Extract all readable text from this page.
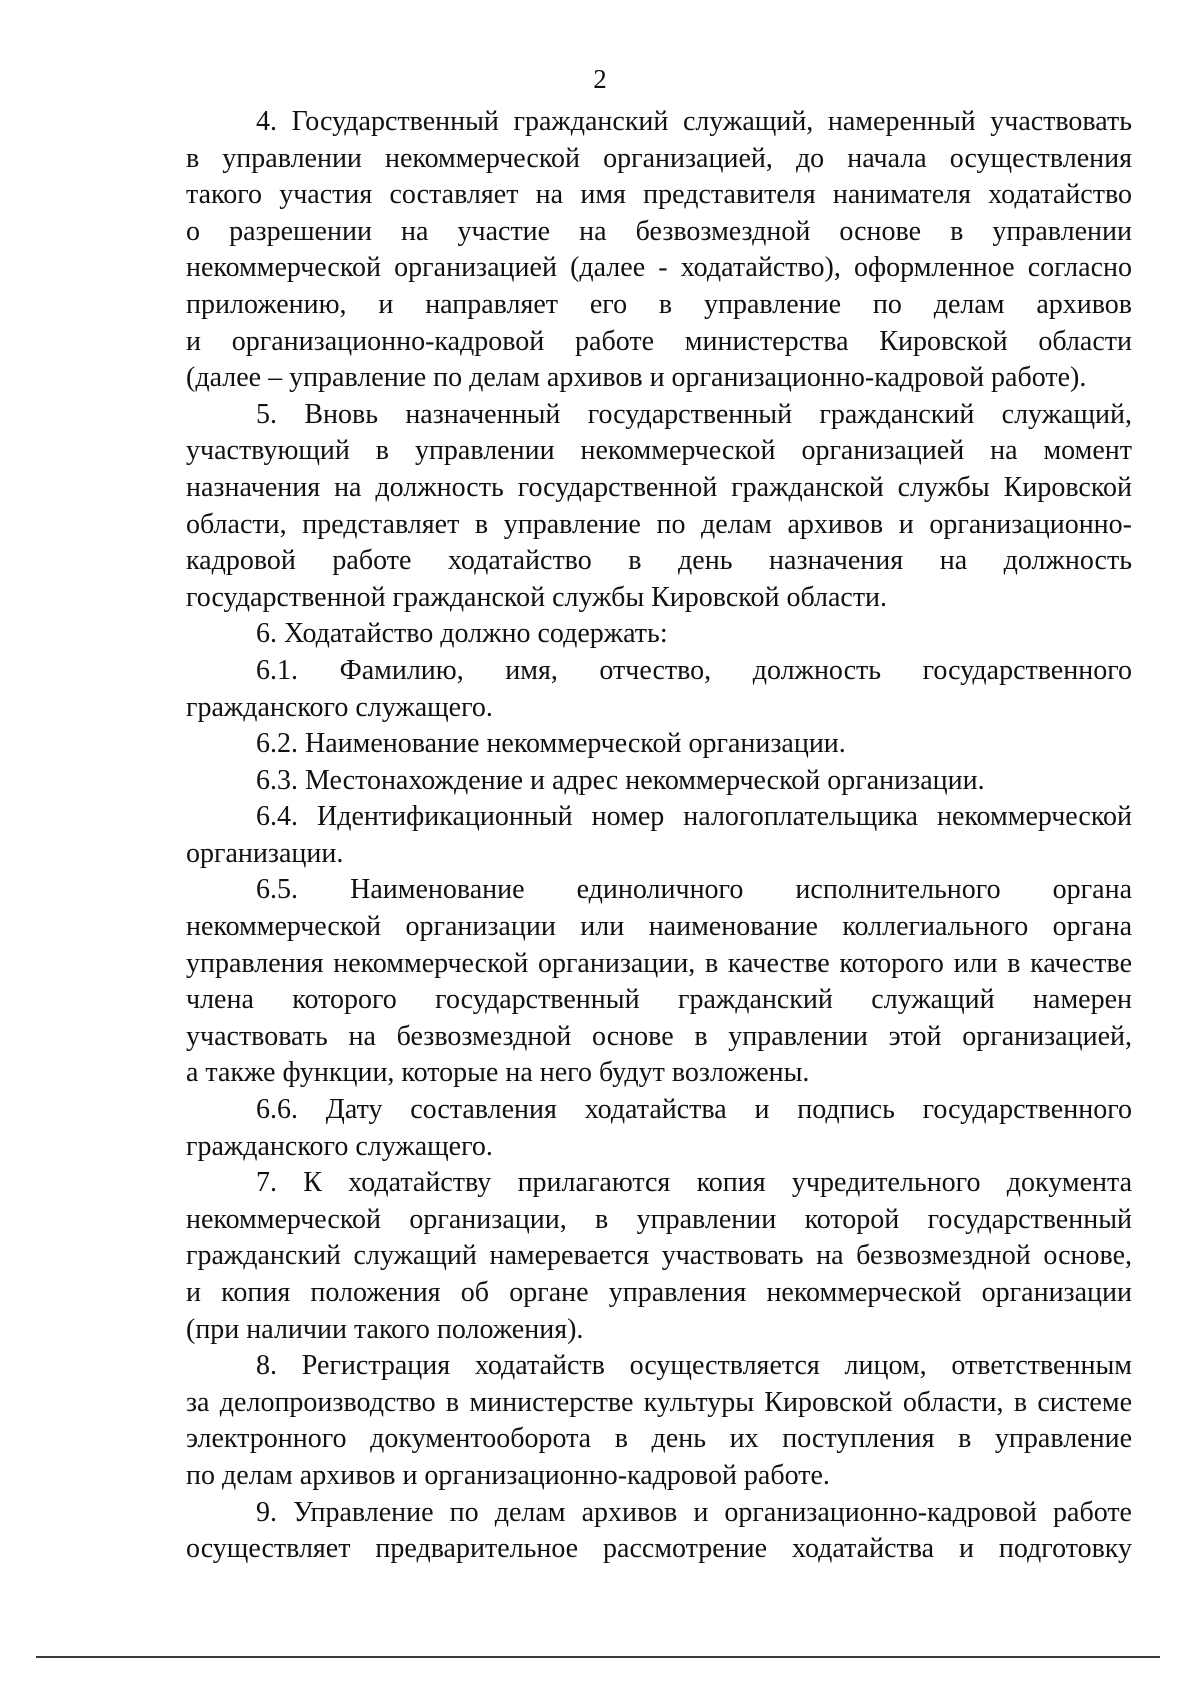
2
4. Государственный гражданский служащий, намеренный участвовать
в управлении некоммерческой организацией, до начала осуществления
такого участия составляет на имя представителя нанимателя ходатайство
о разрешении на участие на безвозмездной основе в управлении
некоммерческой организацией (далее - ходатайство), оформленное согласно
приложению, и направляет его в управление по делам архивов
и организационно-кадровой работе министерства Кировской области
(далее – управление по делам архивов и организационно-кадровой работе).
5. Вновь назначенный государственный гражданский служащий,
участвующий в управлении некоммерческой организацией на момент
назначения на должность государственной гражданской службы Кировской
области, представляет в управление по делам архивов и организационно-
кадровой работе ходатайство в день назначения на должность
государственной гражданской службы Кировской области.
6. Ходатайство должно содержать:
6.1. Фамилию, имя, отчество, должность государственного
гражданского служащего.
6.2. Наименование некоммерческой организации.
6.3. Местонахождение и адрес некоммерческой организации.
6.4. Идентификационный номер налогоплательщика некоммерческой
организации.
6.5. Наименование единоличного исполнительного органа
некоммерческой организации или наименование коллегиального органа
управления некоммерческой организации, в качестве которого или в качестве
члена которого государственный гражданский служащий намерен
участвовать на безвозмездной основе в управлении этой организацией,
а также функции, которые на него будут возложены.
6.6. Дату составления ходатайства и подпись государственного
гражданского служащего.
7. К ходатайству прилагаются копия учредительного документа
некоммерческой организации, в управлении которой государственный
гражданский служащий намеревается участвовать на безвозмездной основе,
и копия положения об органе управления некоммерческой организации
(при наличии такого положения).
8. Регистрация ходатайств осуществляется лицом, ответственным
за делопроизводство в министерстве культуры Кировской области, в системе
электронного документооборота в день их поступления в управление
по делам архивов и организационно-кадровой работе.
9. Управление по делам архивов и организационно-кадровой работе
осуществляет предварительное рассмотрение ходатайства и подготовку
